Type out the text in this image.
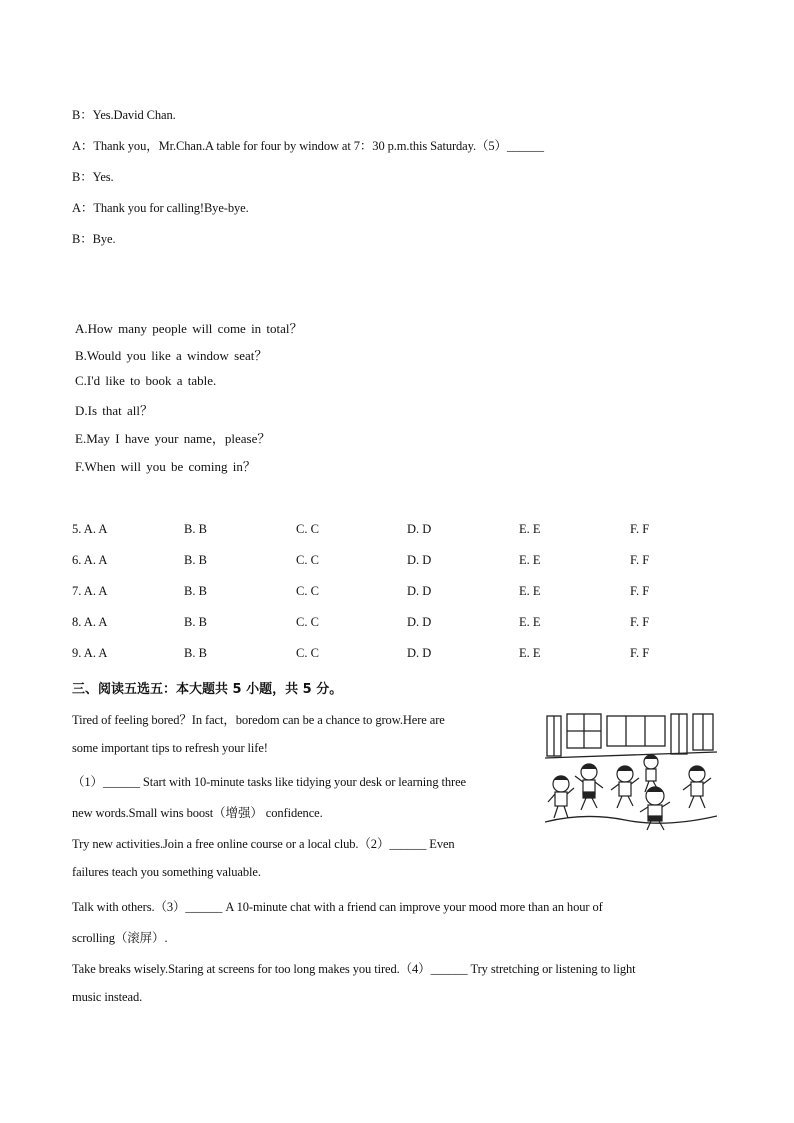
B：Yes.David Chan.
A：Thank you，Mr.Chan.A table for four by window at 7：30 p.m.this Saturday.（5）______
B：Yes.
A：Thank you for calling!Bye-bye.
B：Bye.
A.How many people will come in total？
B.Would you like a window seat？
C.I'd like to book a table.
D.Is that all？
E.May I have your name，please？
F.When will you be coming in？
5. A. A	B. B	C. C	D. D	E. E	F. F
6. A. A	B. B	C. C	D. D	E. E	F. F
7. A. A	B. B	C. C	D. D	E. E	F. F
8. A. A	B. B	C. C	D. D	E. E	F. F
9. A. A	B. B	C. C	D. D	E. E	F. F
三、阅读五选五：本大题共 5 小题，共 5 分。
Tired of feeling bored？In fact，boredom can be a chance to grow.Here are
some important tips to refresh your life!
（1）______ Start with 10-minute tasks like tidying your desk or learning three
new words.Small wins boost（增强） confidence.
Try new activities.Join a free online course or a local club.（2）______ Even
failures teach you something valuable.
Talk with others.（3）______ A 10-minute chat with a friend can improve your mood more than an hour of
scrolling（滚屏）.
Take breaks wisely.Staring at screens for too long makes you tired.（4）______ Try stretching or listening to light
music instead.
